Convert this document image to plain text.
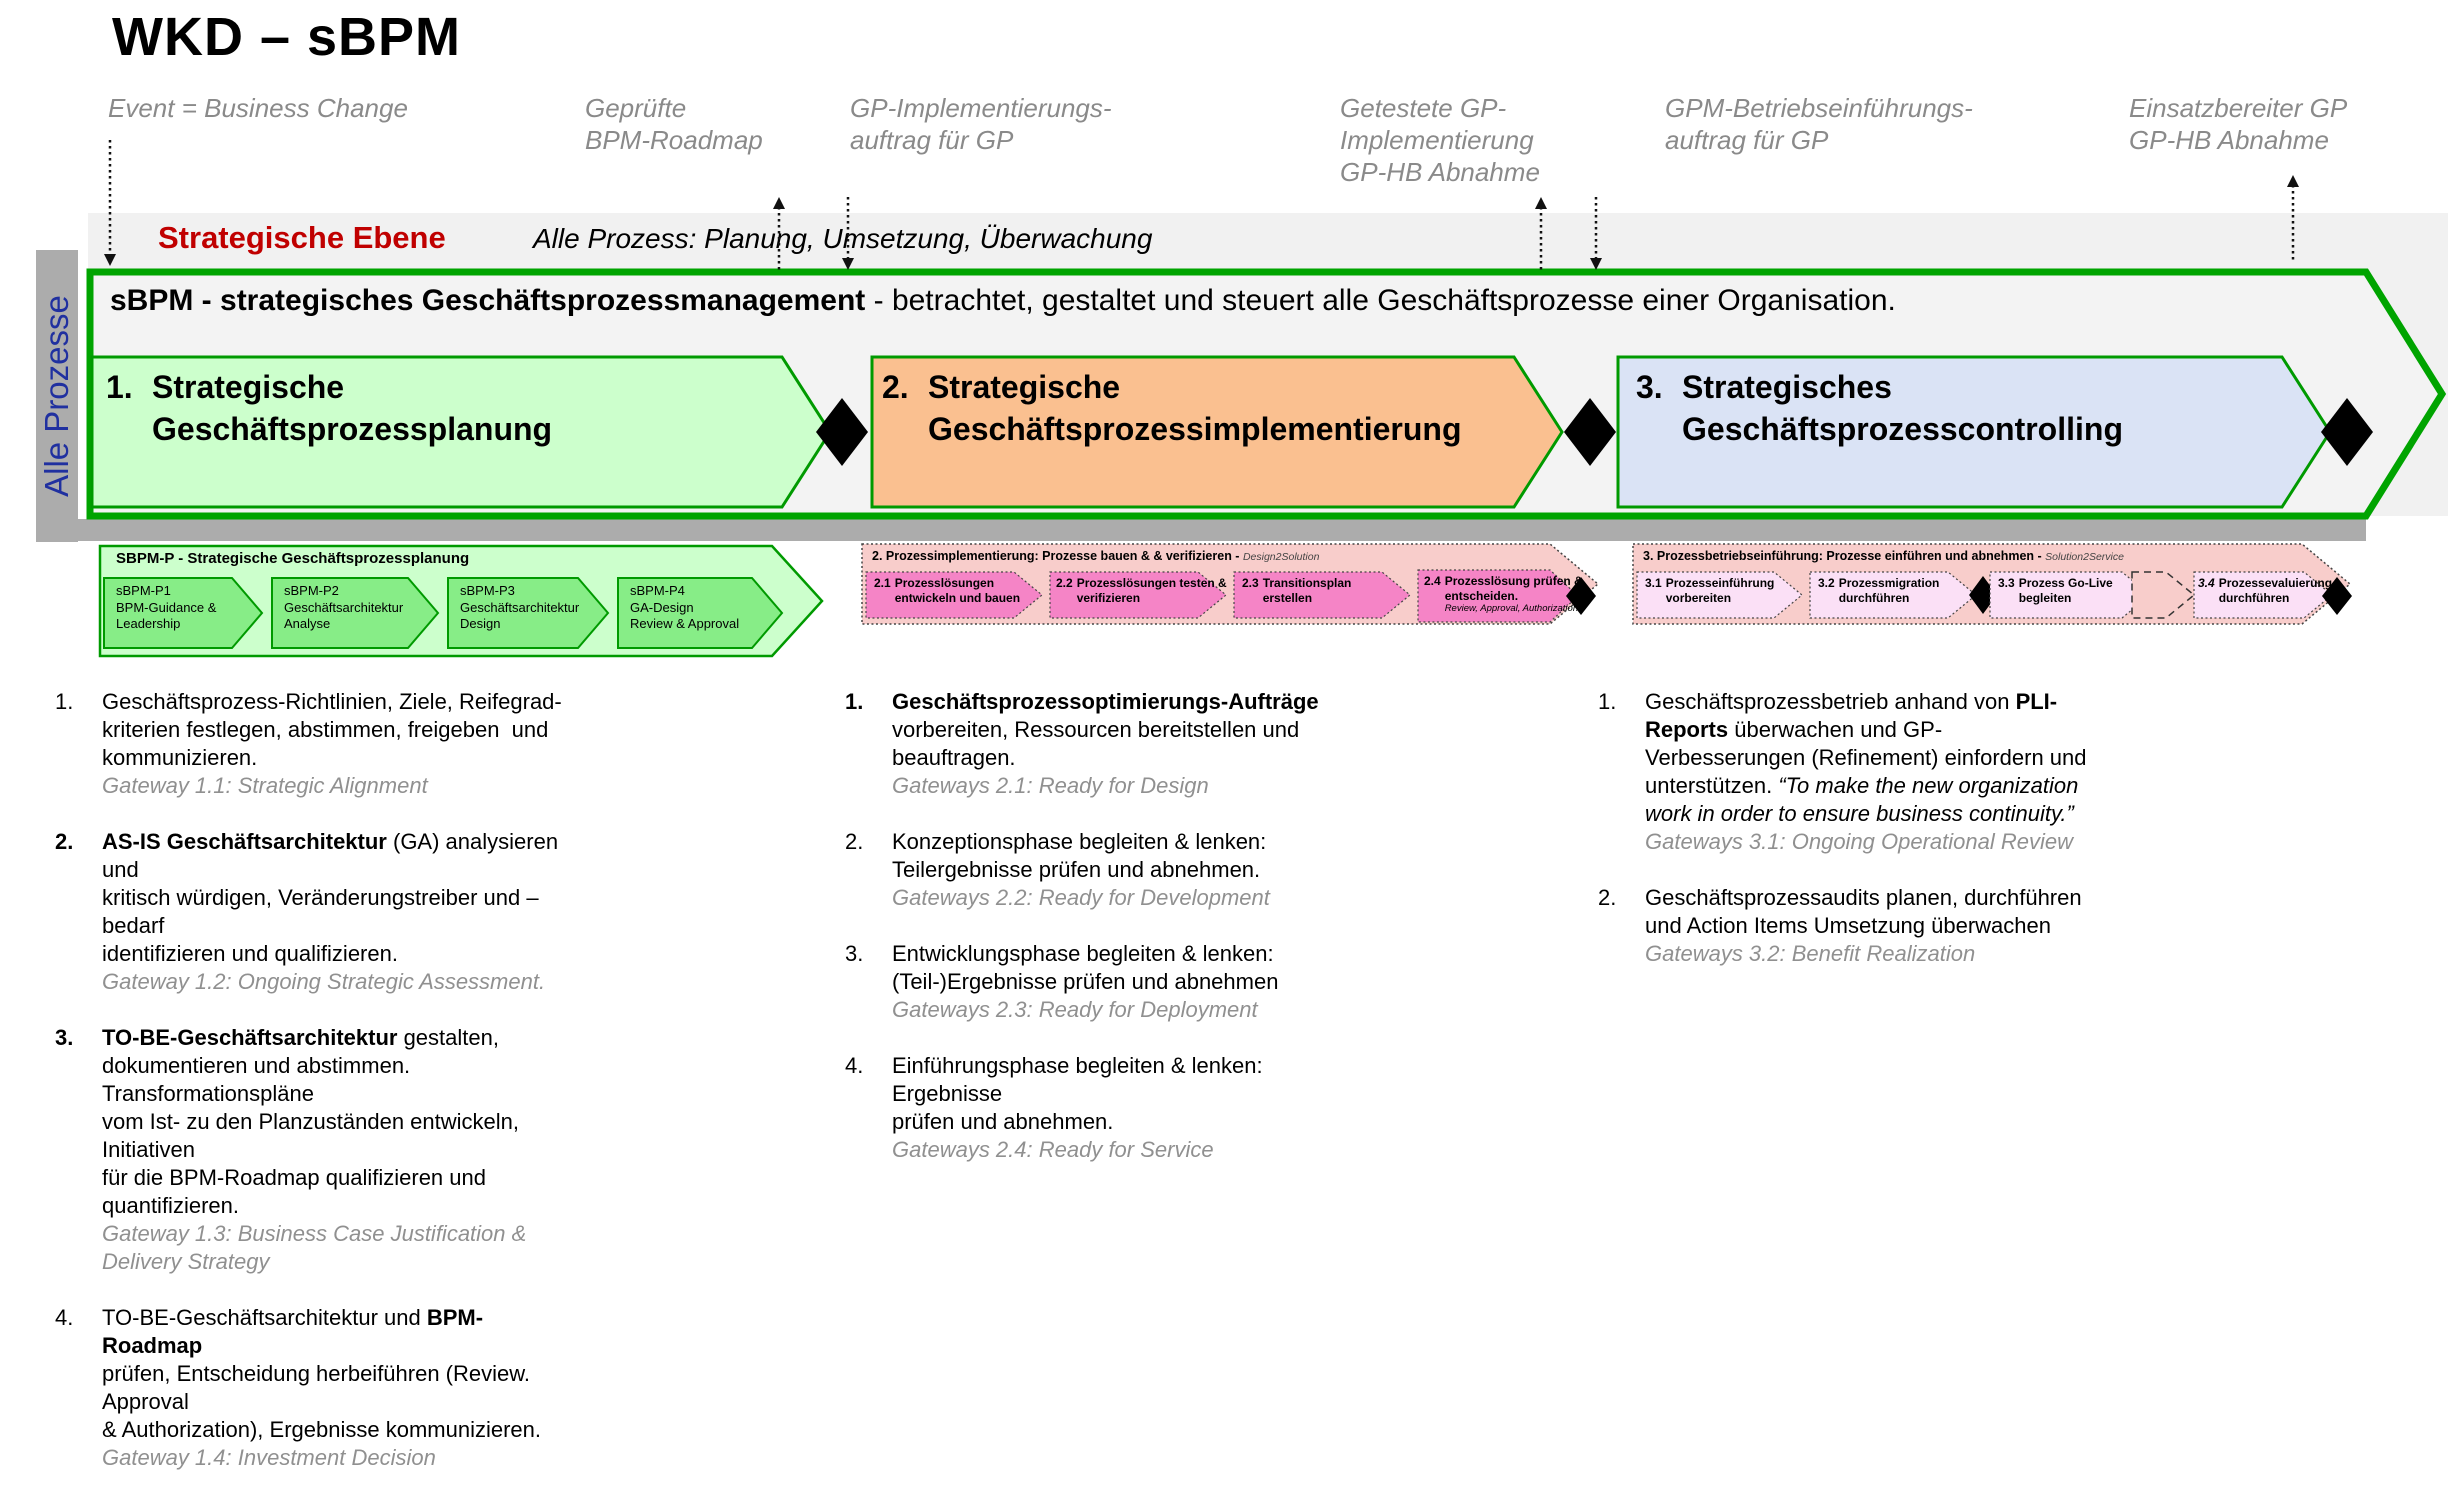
WKD – sBPM
Event = Business Change	Geprüfte
BPM-Roadmap
GP-Implementierungs-
auftrag für GP
Getestete GP-
Implementierung
GP-HB Abnahme
GPM-Betriebseinführungs-
auftrag für GP
Einsatzbereiter GP
GP-HB Abnahme
Alle Prozesse
Strategische Ebene	Alle Prozess: Planung, Umsetzung, Überwachung
sBPM - strategisches Geschäftsprozessmanagement - betrachtet, gestaltet und steuert alle Geschäftsprozesse einer Organisation.
1. Strategische
Geschäftsprozessplanung
2. Strategische
Geschäftsprozessimplementierung
3. Strategisches
Geschäftsprozesscontrolling
SBPM-P - Strategische Geschäftsprozessplanung	2. Prozessimplementierung: Prozesse bauen & & verifizieren - Design2Solution	3. Prozessbetriebseinführung: Prozesse einführen und abnehmen - Solution2Service
sBPM-P1
BPM-Guidance &
Leadership
sBPM-P2
Geschäftsarchitektur
Analyse
sBPM-P3
Geschäftsarchitektur
Design
sBPM-P4
GA-Design
Review & Approval
2.1 Prozesslösungen
entwickeln und bauen
2.2 Prozesslösungen testen &
verifizieren
2.3 Transitionsplan
erstellen
2.4 Prozesslösung prüfen &
entscheiden.
Review, Approval, Authorization
3.1 Prozesseinführung
vorbereiten
3.2 Prozessmigration
durchführen
3.3 Prozess Go-Live
begleiten
3.4 Prozessevaluierung
durchführen
1.	Geschäftsprozess-Richtlinien, Ziele, Reifegrad-
kriterien festlegen, abstimmen, freigeben  und
kommunizieren.
Gateway 1.1: Strategic Alignment
2.	AS-IS Geschäftsarchitektur (GA) analysieren und
kritisch würdigen, Veränderungstreiber und –bedarf
identifizieren und qualifizieren.
Gateway 1.2: Ongoing Strategic Assessment.
3.	TO-BE-Geschäftsarchitektur gestalten,
dokumentieren und abstimmen. Transformationspläne
vom Ist- zu den Planzuständen entwickeln, Initiativen
für die BPM-Roadmap qualifizieren und quantifizieren.
Gateway 1.3: Business Case Justification &
Delivery Strategy
4.	TO-BE-Geschäftsarchitektur und BPM-Roadmap
prüfen, Entscheidung herbeiführen (Review. Approval
& Authorization), Ergebnisse kommunizieren.
Gateway 1.4: Investment Decision
1.	Geschäftsprozessoptimierungs-Aufträge
vorbereiten, Ressourcen bereitstellen und
beauftragen.
Gateways 2.1: Ready for Design
2.	Konzeptionsphase begleiten & lenken:
Teilergebnisse prüfen und abnehmen.
Gateways 2.2: Ready for Development
3.	Entwicklungsphase begleiten & lenken:
(Teil-)Ergebnisse prüfen und abnehmen
Gateways 2.3: Ready for Deployment
4.	Einführungsphase begleiten & lenken: Ergebnisse
prüfen und abnehmen.
Gateways 2.4: Ready for Service
1.	Geschäftsprozessbetrieb anhand von PLI-
Reports überwachen und GP-
Verbesserungen (Refinement) einfordern und
unterstützen. “To make the new organization
work in order to ensure business continuity.”
Gateways 3.1: Ongoing Operational Review
2.	Geschäftsprozessaudits planen, durchführen
und Action Items Umsetzung überwachen
Gateways 3.2: Benefit Realization
